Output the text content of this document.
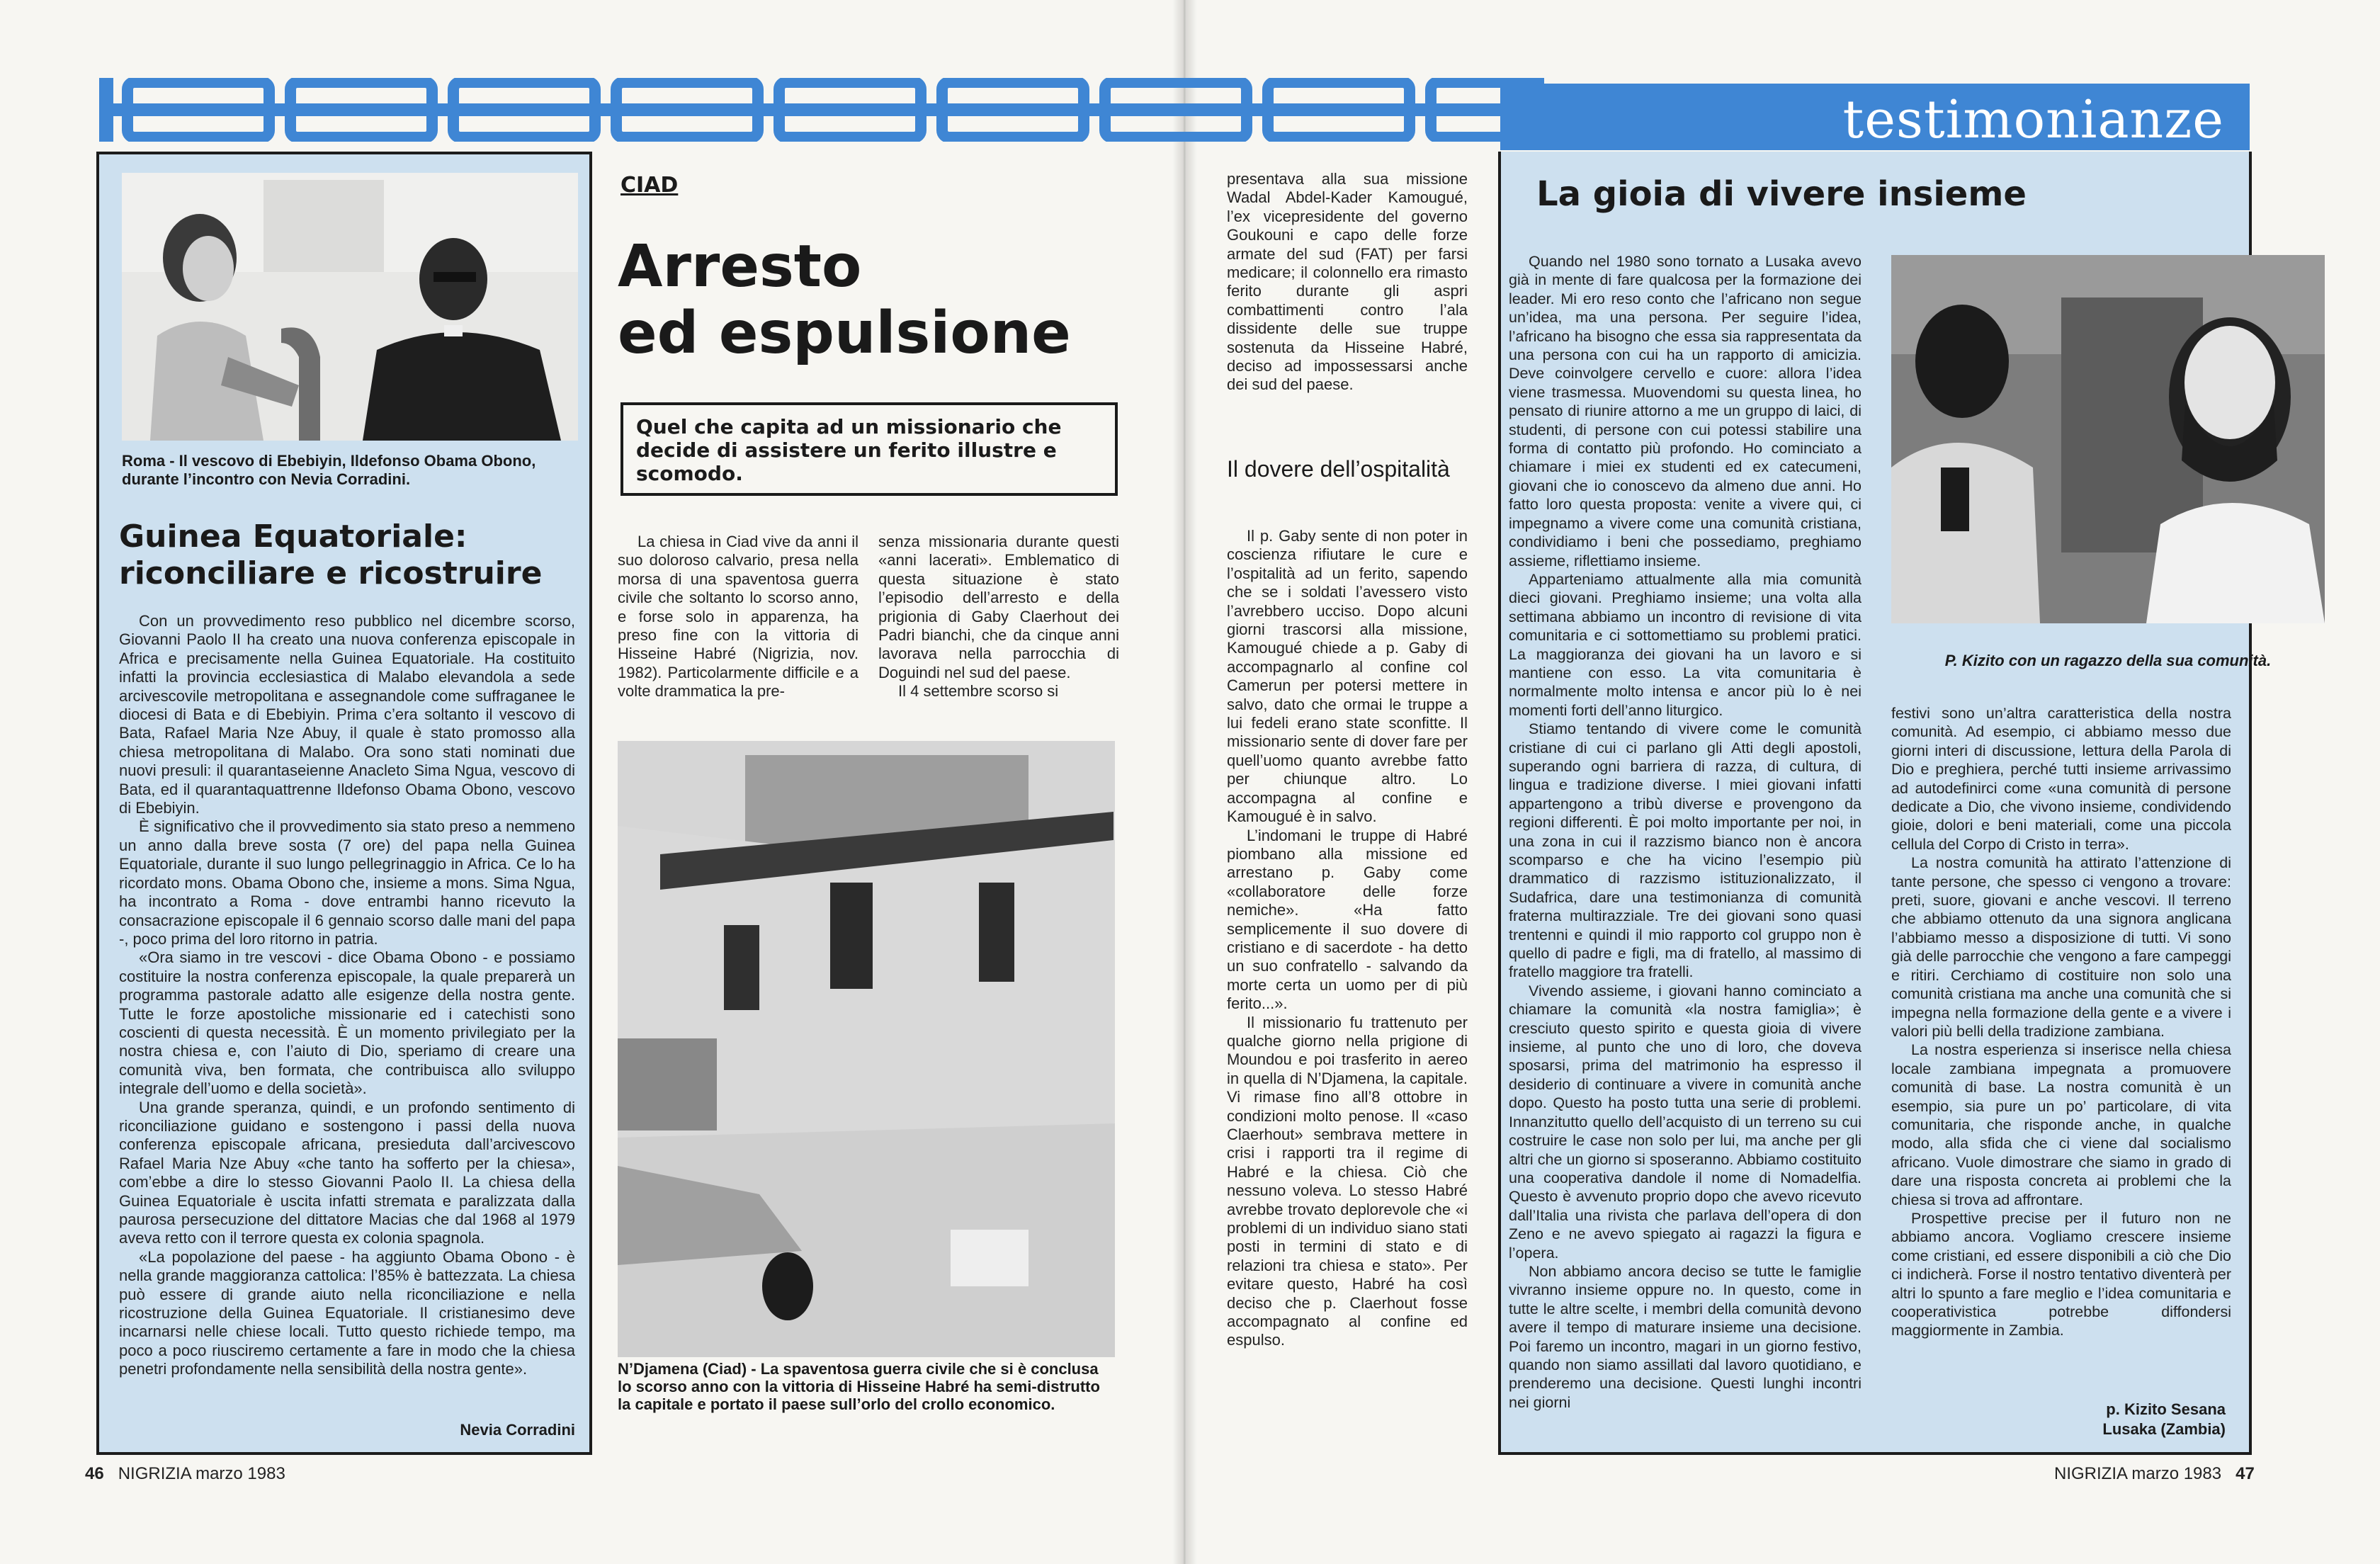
testimonianze
Roma - Il vescovo di Ebebiyin, Ildefonso Obama Obono, durante l’incontro con Nevia Corradini.
Guinea Equatoriale: riconciliare e ricostruire

Con un provvedimento reso pubblico nel dicembre scorso, Giovanni Paolo II ha creato una nuova conferenza episcopale in Africa e precisamente nella Guinea Equatoriale. Ha costituito infatti la provincia ecclesiastica di Malabo elevandola a sede arcivescovile metropolitana e assegnandole come suffraganee le diocesi di Bata e di Ebebiyin. Prima c’era soltanto il vescovo di Bata, Rafael Maria Nze Abuy, il quale è stato promosso alla chiesa metropolitana di Malabo. Ora sono stati nominati due nuovi presuli: il quarantaseienne Anacleto Sima Ngua, vescovo di Bata, ed il quarantaquattrenne Ildefonso Obama Obono, vescovo di Ebebiyin.

È significativo che il provvedimento sia stato preso a nemmeno un anno dalla breve sosta (7 ore) del papa nella Guinea Equatoriale, durante il suo lungo pellegrinaggio in Africa. Ce lo ha ricordato mons. Obama Obono che, insieme a mons. Sima Ngua, ha incontrato a Roma - dove entrambi hanno ricevuto la consacrazione episcopale il 6 gennaio scorso dalle mani del papa -, poco prima del loro ritorno in patria.

«Ora siamo in tre vescovi - dice Obama Obono - e possiamo costituire la nostra conferenza episcopale, la quale preparerà un programma pastorale adatto alle esigenze della nostra gente. Tutte le forze apostoliche missionarie ed i catechisti sono coscienti di questa necessità. È un momento privilegiato per la nostra chiesa e, con l’aiuto di Dio, speriamo di creare una comunità viva, ben formata, che contribuisca allo sviluppo integrale dell’uomo e della società».

Una grande speranza, quindi, e un profondo sentimento di riconciliazione guidano e sostengono i passi della nuova conferenza episcopale africana, presieduta dall’arcivescovo Rafael Maria Nze Abuy «che tanto ha sofferto per la chiesa», com’ebbe a dire lo stesso Giovanni Paolo II. La chiesa della Guinea Equatoriale è uscita infatti stremata e paralizzata dalla paurosa persecuzione del dittatore Macias che dal 1968 al 1979 aveva retto con il terrore questa ex colonia spagnola.

«La popolazione del paese - ha aggiunto Obama Obono - è nella grande maggioranza cattolica: l’85% è battezzata. La chiesa può essere di grande aiuto nella riconciliazione e nella ricostruzione della Guinea Equatoriale. Il cristianesimo deve incarnarsi nelle chiese locali. Tutto questo richiede tempo, ma poco a poco riusciremo certamente a fare in modo che la chiesa penetri profondamente nella sensibilità della nostra gente».

Nevia Corradini
CIAD
Arresto
ed espulsione
Quel che capita ad un missionario che decide di assistere un ferito illustre e scomodo.

La chiesa in Ciad vive da anni il suo doloroso calvario, presa nella morsa di una spaventosa guerra civile che soltanto lo scorso anno, e forse solo in apparenza, ha preso fine con la vittoria di Hisseine Habré (Nigrizia, nov. 1982). Particolarmente difficile e a volte drammatica la pre-

senza missionaria durante questi «anni lacerati». Emblematico di questa situazione è stato l’episodio dell’arresto e della prigionia di Gaby Claerhout dei Padri bianchi, che da cinque anni lavorava nella parrocchia di Doguindi nel sud del paese.

Il 4 settembre scorso si

N’Djamena (Ciad) - La spaventosa guerra civile che si è conclusa lo scorso anno con la vittoria di Hisseine Habré ha semi-distrutto la capitale e portato il paese sull’orlo del crollo economico.

presentava alla sua missione Wadal Abdel-Kader Kamougué, l’ex vicepresidente del governo Goukouni e capo delle forze armate del sud (FAT) per farsi medicare; il colonnello era rimasto ferito durante gli aspri combattimenti contro l’ala dissidente delle sue truppe sostenuta da Hisseine Habré, deciso ad impossessarsi anche dei sud del paese.

Il dovere dell’ospitalità

Il p. Gaby sente di non poter in coscienza rifiutare le cure e l’ospitalità ad un ferito, sapendo che se i soldati l’avessero visto l’avrebbero ucciso. Dopo alcuni giorni trascorsi alla missione, Kamougué chiede a p. Gaby di accompagnarlo al confine col Camerun per potersi mettere in salvo, dato che ormai le truppe a lui fedeli erano state sconfitte. Il missionario sente di dover fare per quell’uomo quanto avrebbe fatto per chiunque altro. Lo accompagna al confine e Kamougué è in salvo.

L’indomani le truppe di Habré piombano alla missione ed arrestano p. Gaby come «collaboratore delle forze nemiche». «Ha fatto semplicemente il suo dovere di cristiano e di sacerdote - ha detto un suo confratello - salvando da morte certa un uomo per di più ferito...».

Il missionario fu trattenuto per qualche giorno nella prigione di Moundou e poi trasferito in aereo in quella di N’Djamena, la capitale. Vi rimase fino all’8 ottobre in condizioni molto penose. Il «caso Claerhout» sembrava mettere in crisi i rapporti tra il regime di Habré e la chiesa. Ciò che nessuno voleva. Lo stesso Habré avrebbe trovato deplorevole che «i problemi di un individuo siano stati posti in termini di stato e di relazioni tra chiesa e stato». Per evitare questo, Habré ha così deciso che p. Claerhout fosse accompagnato al confine ed espulso.

La gioia di vivere insieme

Quando nel 1980 sono tornato a Lusaka avevo già in mente di fare qualcosa per la formazione dei leader. Mi ero reso conto che l’africano non segue un’idea, ma una persona. Per seguire l’idea, l’africano ha bisogno che essa sia rappresentata da una persona con cui ha un rapporto di amicizia. Deve coinvolgere cervello e cuore: allora l’idea viene trasmessa. Muovendomi su questa linea, ho pensato di riunire attorno a me un gruppo di laici, di studenti, di persone con cui potessi stabilire una forma di contatto più profondo. Ho cominciato a chiamare i miei ex studenti ed ex catecumeni, giovani che io conoscevo da almeno due anni. Ho fatto loro questa proposta: venite a vivere qui, ci impegnamo a vivere come una comunità cristiana, condividiamo i beni che possediamo, preghiamo assieme, riflettiamo insieme.

Apparteniamo attualmente alla mia comunità dieci giovani. Preghiamo insieme; una volta alla settimana abbiamo un incontro di revisione di vita comunitaria e ci sottomettiamo su problemi pratici. La maggioranza dei giovani ha un lavoro e si mantiene con esso. La vita comunitaria è normalmente molto intensa e ancor più lo è nei momenti forti dell’anno liturgico.

Stiamo tentando di vivere come le comunità cristiane di cui ci parlano gli Atti degli apostoli, superando ogni barriera di razza, di cultura, di lingua e tradizione diverse. I miei giovani infatti appartengono a tribù diverse e provengono da regioni differenti. È poi molto importante per noi, in una zona in cui il razzismo bianco non è ancora scomparso e che ha vicino l’esempio più drammatico di razzismo istituzionalizzato, il Sudafrica, dare una testimonianza di comunità fraterna multirazziale. Tre dei giovani sono quasi trentenni e quindi il mio rapporto col gruppo non è quello di padre e figli, ma di fratello, al massimo di fratello maggiore tra fratelli.

Vivendo assieme, i giovani hanno cominciato a chiamare la comunità «la nostra famiglia»; è cresciuto questo spirito e questa gioia di vivere insieme, al punto che uno di loro, che doveva sposarsi, prima del matrimonio ha espresso il desiderio di continuare a vivere in comunità anche dopo. Questo ha posto tutta una serie di problemi. Innanzitutto quello dell’acquisto di un terreno su cui costruire le case non solo per lui, ma anche per gli altri che un giorno si sposeranno. Abbiamo costituito una cooperativa dandole il nome di Nomadelfia. Questo è avvenuto proprio dopo che avevo ricevuto dall’Italia una rivista che parlava dell’opera di don Zeno e ne avevo spiegato ai ragazzi la figura e l’opera.

Non abbiamo ancora deciso se tutte le famiglie vivranno insieme oppure no. In questo, come in tutte le altre scelte, i membri della comunità devono avere il tempo di maturare insieme una decisione. Poi faremo un incontro, magari in un giorno festivo, quando non siamo assillati dal lavoro quotidiano, e prenderemo una decisione. Questi lunghi incontri nei giorni

P. Kizito con un ragazzo della sua comunità.

festivi sono un’altra caratteristica della nostra comunità. Ad esempio, ci abbiamo messo due giorni interi di discussione, lettura della Parola di Dio e preghiera, perché tutti insieme arrivassimo ad autodefinirci come «una comunità di persone dedicate a Dio, che vivono insieme, condividendo gioie, dolori e beni materiali, come una piccola cellula del Corpo di Cristo in terra».

La nostra comunità ha attirato l’attenzione di tante persone, che spesso ci vengono a trovare: preti, suore, giovani e anche vescovi. Il terreno che abbiamo ottenuto da una signora anglicana l’abbiamo messo a disposizione di tutti. Vi sono già delle parrocchie che vengono a fare campeggi e ritiri. Cerchiamo di costituire non solo una comunità cristiana ma anche una comunità che si impegna nella formazione della gente e a vivere i valori più belli della tradizione zambiana.

La nostra esperienza si inserisce nella chiesa locale zambiana impegnata a promuovere comunità di base. La nostra comunità è un esempio, sia pure un po’ particolare, di vita comunitaria, che risponde anche, in qualche modo, alla sfida che ci viene dal socialismo africano. Vuole dimostrare che siamo in grado di dare una risposta concreta ai problemi che la chiesa si trova ad affrontare.

Prospettive precise per il futuro non ne abbiamo ancora. Vogliamo crescere insieme come cristiani, ed essere disponibili a ciò che Dio ci indicherà. Forse il nostro tentativo diventerà per altri lo spunto a fare meglio e l’idea comunitaria e cooperativistica potrebbe diffondersi maggiormente in Zambia.

p. Kizito Sesana
Lusaka (Zambia)
46 NIGRIZIA marzo 1983	NIGRIZIA marzo 1983 47
